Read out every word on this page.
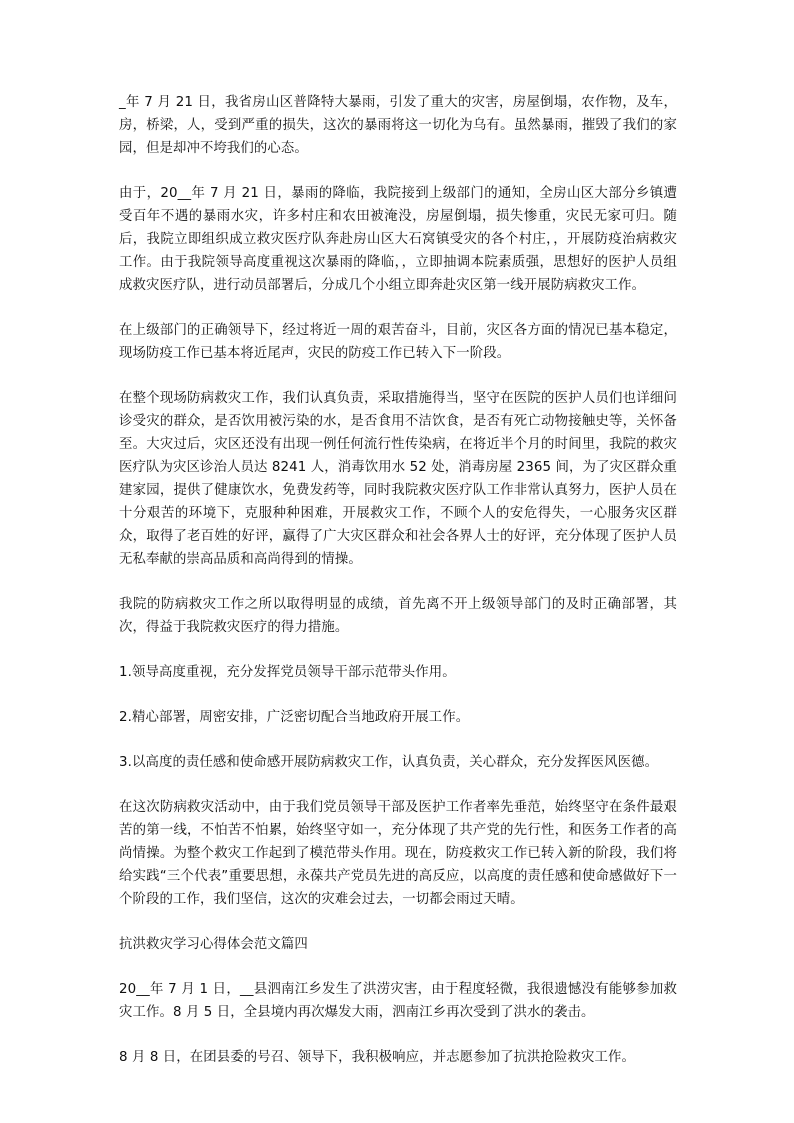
_年 7 月 21 日，我省房山区普降特大暴雨，引发了重大的灾害，房屋倒塌，农作物，及车，房，桥梁，人，受到严重的损失，这次的暴雨将这一切化为乌有。虽然暴雨，摧毁了我们的家园，但是却冲不垮我们的心态。

由于，20__年 7 月 21 日，暴雨的降临，我院接到上级部门的通知，全房山区大部分乡镇遭受百年不遇的暴雨水灾，许多村庄和农田被淹没，房屋倒塌，损失惨重，灾民无家可归。随后，我院立即组织成立救灾医疗队奔赴房山区大石窝镇受灾的各个村庄，，开展防疫治病救灾工作。由于我院领导高度重视这次暴雨的降临，，立即抽调本院素质强，思想好的医护人员组成救灾医疗队，进行动员部署后，分成几个小组立即奔赴灾区第一线开展防病救灾工作。

在上级部门的正确领导下，经过将近一周的艰苦奋斗，目前，灾区各方面的情况已基本稳定，现场防疫工作已基本将近尾声，灾民的防疫工作已转入下一阶段。

在整个现场防病救灾工作，我们认真负责，采取措施得当，坚守在医院的医护人员们也详细问诊受灾的群众，是否饮用被污染的水，是否食用不洁饮食，是否有死亡动物接触史等，关怀备至。大灾过后，灾区还没有出现一例任何流行性传染病，在将近半个月的时间里，我院的救灾医疗队为灾区诊治人员达 8241 人，消毒饮用水 52 处，消毒房屋 2365 间，为了灾区群众重建家园，提供了健康饮水，免费发药等，同时我院救灾医疗队工作非常认真努力，医护人员在十分艰苦的环境下，克服种种困难，开展救灾工作，不顾个人的安危得失，一心服务灾区群众，取得了老百姓的好评，赢得了广大灾区群众和社会各界人士的好评，充分体现了医护人员无私奉献的崇高品质和高尚得到的情操。

我院的防病救灾工作之所以取得明显的成绩，首先离不开上级领导部门的及时正确部署，其次，得益于我院救灾医疗的得力措施。

1.领导高度重视，充分发挥党员领导干部示范带头作用。

2.精心部署，周密安排，广泛密切配合当地政府开展工作。

3.以高度的责任感和使命感开展防病救灾工作，认真负责，关心群众，充分发挥医风医德。

在这次防病救灾活动中，由于我们党员领导干部及医护工作者率先垂范，始终坚守在条件最艰苦的第一线，不怕苦不怕累，始终坚守如一，充分体现了共产党的先行性，和医务工作者的高尚情操。为整个救灾工作起到了模范带头作用。现在，防疫救灾工作已转入新的阶段，我们将给实践“三个代表”重要思想，永葆共产党员先进的高反应，以高度的责任感和使命感做好下一个阶段的工作，我们坚信，这次的灾难会过去，一切都会雨过天晴。

抗洪救灾学习心得体会范文篇四

20__年 7 月 1 日，__县泗南江乡发生了洪涝灾害，由于程度轻微，我很遗憾没有能够参加救灾工作。8 月 5 日，全县境内再次爆发大雨，泗南江乡再次受到了洪水的袭击。

8 月 8 日，在团县委的号召、领导下，我积极响应，并志愿参加了抗洪抢险救灾工作。
